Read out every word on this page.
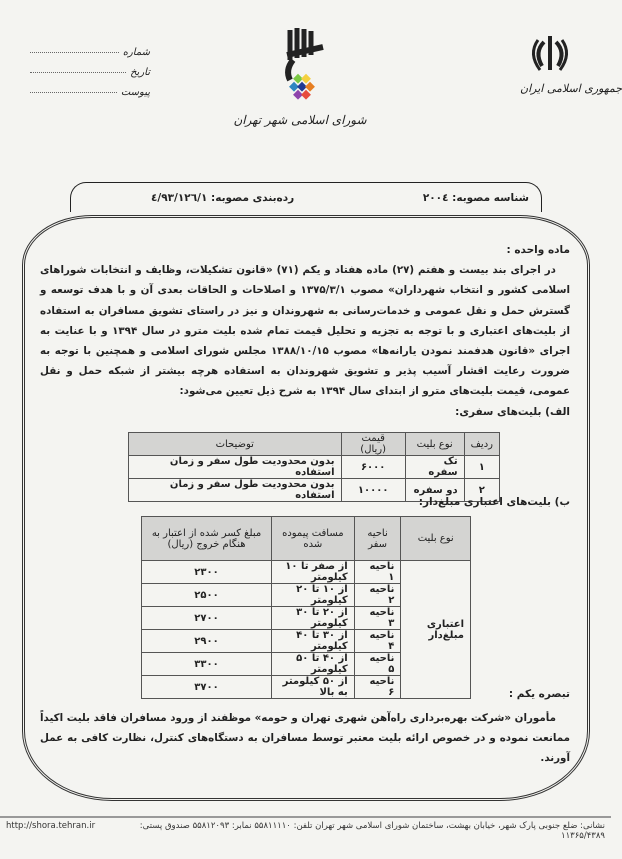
جمهوری اسلامی ایران
شورای اسلامی شهر تهران
شماره
تاریخ
پیوست
شناسه مصوبه: ۲۰۰٤
رده‌بندی مصوبه: ٤/٩٣/١٢٦/١
ماده واحده :

در اجرای بند بیست و هفتم (۲۷) ماده هفتاد و یکم (۷۱) «قانون تشکیلات، وظایف و انتخابات شوراهای اسلامی کشور و انتخاب شهرداران» مصوب ۱۳۷۵/۳/۱ و اصلاحات و الحاقات بعدی آن و با هدف توسعه و گسترش حمل و نقل عمومی و خدمات‌رسانی به شهروندان و نیز در راستای تشویق مسافران به استفاده از بلیت‌های اعتباری و با توجه به تجزیه و تحلیل قیمت تمام شده بلیت مترو در سال ۱۳۹۴ و با عنایت به اجرای «قانون هدفمند نمودن یارانه‌ها» مصوب ۱۳۸۸/۱۰/۱۵ مجلس شورای اسلامی و همچنین با توجه به ضرورت رعایت اقشار آسیب پذیر و تشویق شهروندان به استفاده هرچه بیشتر از شبکه حمل و نقل عمومی، قیمت بلیت‌های مترو از ابتدای سال ۱۳۹۴ به شرح ذیل تعیین می‌شود:

الف) بلیت‌های سفری:
ردیف	نوع بلیت	قیمت (ریال)	توضیحات
۱	تک سفره	۶۰۰۰	بدون محدودیت طول سفر و زمان استفاده
۲	دو سفره	۱۰۰۰۰	بدون محدودیت طول سفر و زمان استفاده
ب) بلیت‌های اعتباری مبلغ‌دار:
نوع بلیت	ناحیه سفر	مسافت پیموده شده	مبلغ کسر شده از اعتبار به هنگام خروج (ریال)
اعتباری مبلغ‌دار	ناحیه ۱	از صفر تا ۱۰ کیلومتر	۲۳۰۰
	ناحیه ۲	از ۱۰ تا ۲۰ کیلومتر	۲۵۰۰
	ناحیه ۳	از ۲۰ تا ۳۰ کیلومتر	۲۷۰۰
	ناحیه ۴	از ۳۰ تا ۴۰ کیلومتر	۲۹۰۰
	ناحیه ۵	از ۴۰ تا ۵۰ کیلومتر	۳۳۰۰
	ناحیه ۶	از ۵۰ کیلومتر به بالا	۳۷۰۰
تبصره یکم :
مأموران «شرکت بهره‌برداری راه‌آهن شهری تهران و حومه» موظفند از ورود مسافران فاقد بلیت اکیداً ممانعت نموده و در خصوص ارائه بلیت معتبر توسط مسافران به دستگاه‌های کنترل، نظارت کافی به عمل آورند.
http://shora.tehran.ir	نشانی: ضلع جنوبی پارک شهر، خیابان بهشت، ساختمان شورای اسلامی شهر تهران تلفن: ۵۵۸۱۱۱۱۰ نمابر: ۵۵۸۱۲۰۹۳ صندوق پستی: ۱۱۳۶۵/۴۳۸۹
